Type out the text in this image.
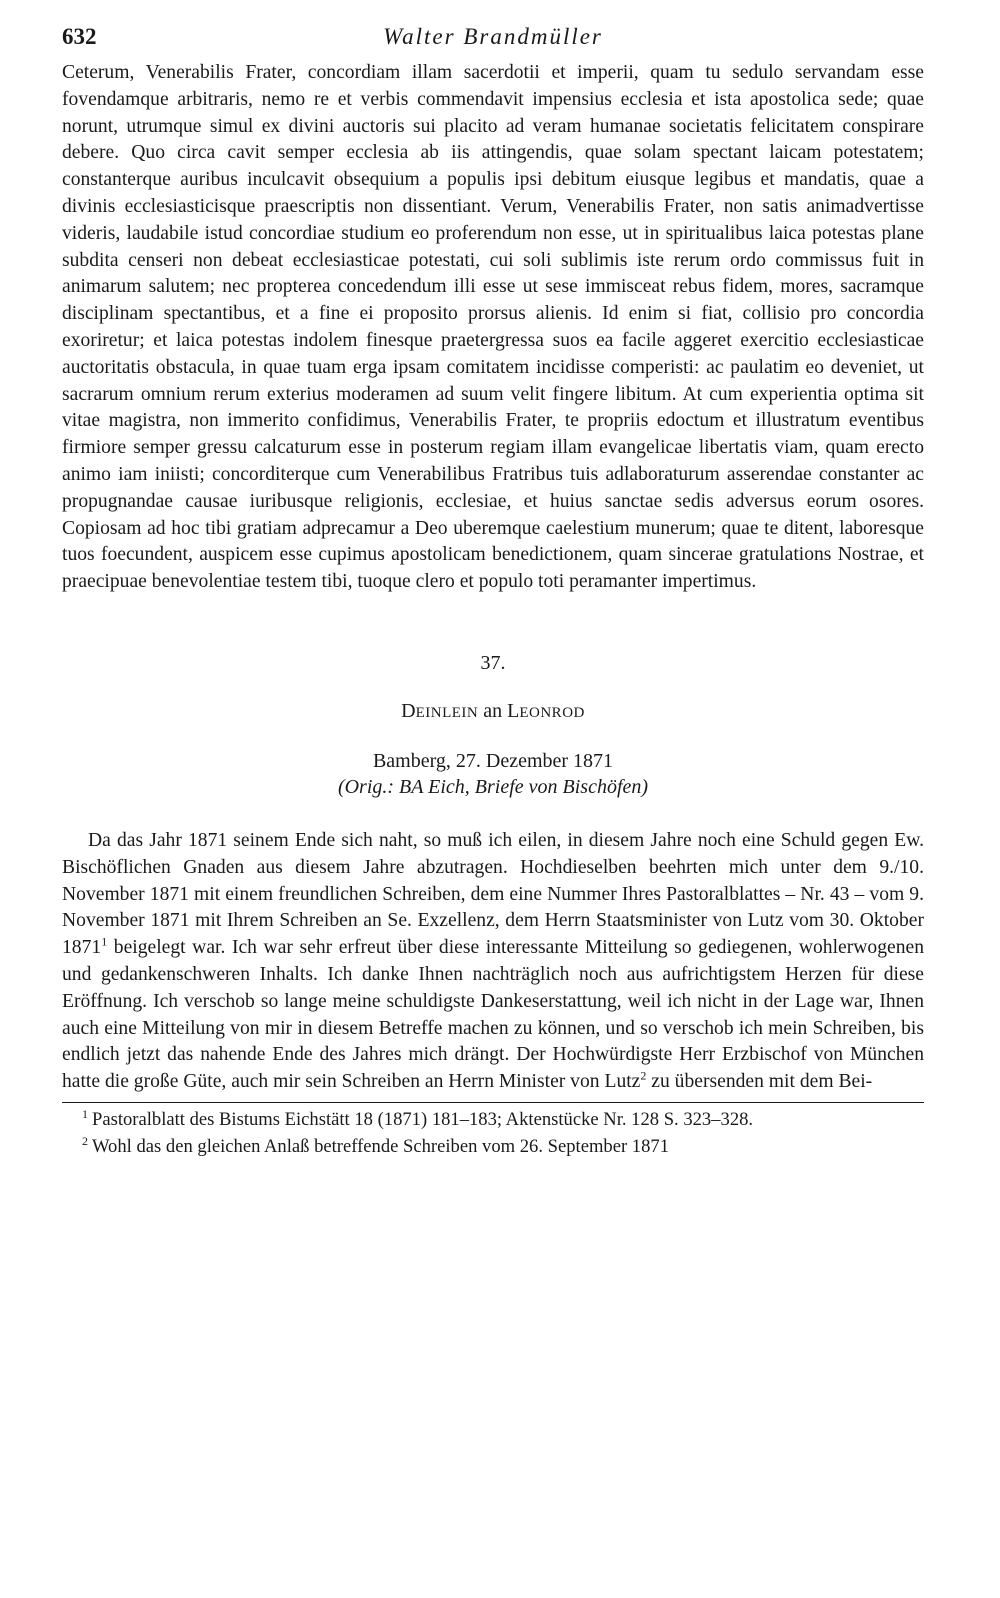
632	Walter Brandmüller

Ceterum, Venerabilis Frater, concordiam illam sacerdotii et imperii, quam tu sedulo servandam esse fovendamque arbitraris, nemo re et verbis commendavit impensius ecclesia et ista apostolica sede; quae norunt, utrumque simul ex divini auctoris sui placito ad veram humanae societatis felicitatem conspirare debere. Quo circa cavit semper ecclesia ab iis attingendis, quae solam spectant laicam potestatem; constanterque auribus inculcavit obsequium a populis ipsi debitum eiusque legibus et mandatis, quae a divinis ecclesiasticisque praescriptis non dissentiant. Verum, Venerabilis Frater, non satis animadvertisse videris, laudabile istud concordiae studium eo proferendum non esse, ut in spiritualibus laica potestas plane subdita censeri non debeat ecclesiasticae potestati, cui soli sublimis iste rerum ordo commissus fuit in animarum salutem; nec propterea concedendum illi esse ut sese immisceat rebus fidem, mores, sacramque disciplinam spectantibus, et a fine ei proposito prorsus alienis. Id enim si fiat, collisio pro concordia exoriretur; et laica potestas indolem finesque praetergressa suos ea facile aggeret exercitio ecclesiasticae auctoritatis obstacula, in quae tuam erga ipsam comitatem incidisse comperisti: ac paulatim eo deveniet, ut sacrarum omnium rerum exterius moderamen ad suum velit fingere libitum. At cum experientia optima sit vitae magistra, non immerito confidimus, Venerabilis Frater, te propriis edoctum et illustratum eventibus firmiore semper gressu calcaturum esse in posterum regiam illam evangelicae libertatis viam, quam erecto animo iam iniisti; concorditerque cum Venerabilibus Fratribus tuis adlaboraturum asserendae constanter ac propugnandae causae iuribusque religionis, ecclesiae, et huius sanctae sedis adversus eorum osores. Copiosam ad hoc tibi gratiam adprecamur a Deo uberemque caelestium munerum; quae te ditent, laboresque tuos foecundent, auspicem esse cupimus apostolicam benedictionem, quam sincerae gratulations Nostrae, et praecipuae benevolentiae testem tibi, tuoque clero et populo toti peramanter impertimus.

37.
DEINLEIN an LEONROD
Bamberg, 27. Dezember 1871
(Orig.: BA Eich, Briefe von Bischöfen)

Da das Jahr 1871 seinem Ende sich naht, so muß ich eilen, in diesem Jahre noch eine Schuld gegen Ew. Bischöflichen Gnaden aus diesem Jahre abzutragen. Hochdieselben beehrten mich unter dem 9./10. November 1871 mit einem freundlichen Schreiben, dem eine Nummer Ihres Pastoralblattes – Nr. 43 – vom 9. November 1871 mit Ihrem Schreiben an Se. Exzellenz, dem Herrn Staatsminister von Lutz vom 30. Oktober 1871$^1$ beigelegt war. Ich war sehr erfreut über diese interessante Mitteilung so gediegenen, wohlerwogenen und gedankenschweren Inhalts. Ich danke Ihnen nachträglich noch aus aufrichtigstem Herzen für diese Eröffnung. Ich verschob so lange meine schuldigste Dankeserstattung, weil ich nicht in der Lage war, Ihnen auch eine Mitteilung von mir in diesem Betreffe machen zu können, und so verschob ich mein Schreiben, bis endlich jetzt das nahende Ende des Jahres mich drängt. Der Hochwürdigste Herr Erzbischof von München hatte die große Güte, auch mir sein Schreiben an Herrn Minister von Lutz$^2$ zu übersenden mit dem Bei-

$^1$ Pastoralblatt des Bistums Eichstätt 18 (1871) 181–183; Aktenstücke Nr. 128 S. 323–328.

$^2$ Wohl das den gleichen Anlaß betreffende Schreiben vom 26. September 1871
